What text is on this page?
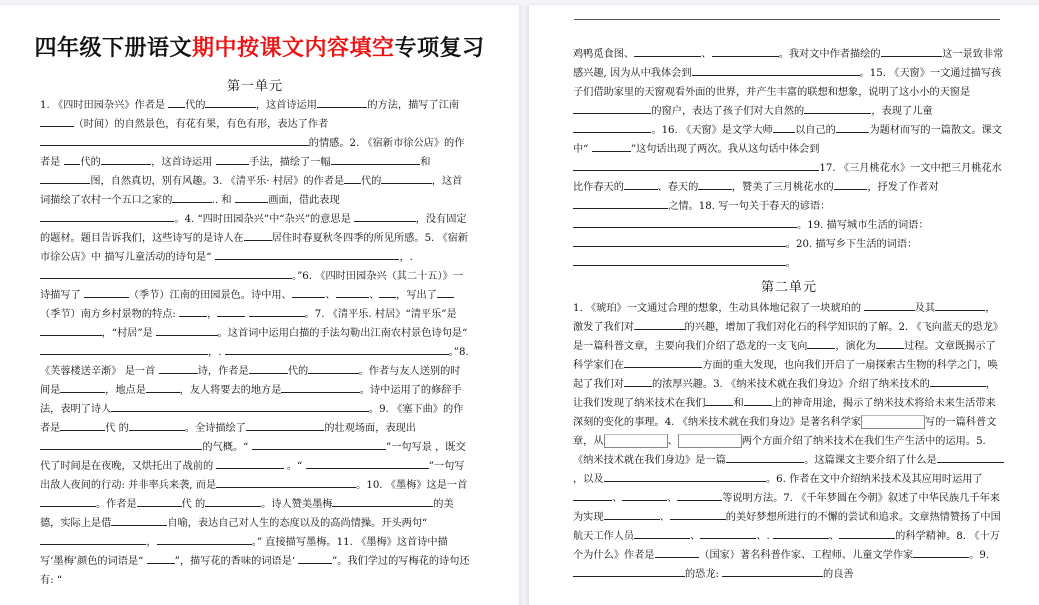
四年级下册语文期中按课文内容填空专项复习

第一单元

1. 《四时田园杂兴》作者是 代的	，这首诗运用	的方法，描写了江南（时间）的自然景色，有花有果，有色有形，表达了作者的情感。2. 《宿新市徐公店》的作者是 代的	，这首诗运用	手法，描绘了一幅	和图，自然真切，别有风趣。3. 《清平乐· 村居》的作者是 代的	，这首词描绘了农村一个五口之家的	.. 和	画面，借此表现。4. “四时田园杂兴”中“杂兴”的意思是	，没有固定的题材。题目告诉我们，这些诗写的是诗人在	居住时春夏秋冬四季的所见所感。5. 《宿新市徐公店》中 描写儿童活动的诗句是“	，. 。”6. 《四时田园杂兴（其二十五）》一诗描写了	（季节）江南的田园景色。诗中用、	、	、 ，写出了（季节）南方乡村景物的特点:	，	。7. 《清平乐. 村居》“清平乐”是 ，“村居”是	。这首词中运用白描的手法勾勒出江南农村景色诗句是“ ，.	。”8. 《芙蓉楼送辛渐》 是一首	诗，作者是	代的	。作者与友人送别的时间是	，地点是	，友人将要去的地方是	。诗中运用了的修辞手法，表明了诗人	。9. 《塞下曲》的作者是	代 的	。全诗描绘了	的壮观场面，表现出的气概。“	”一句写景 ，既交代了时间是在夜晚，又烘托出了战前的	。“	”一句写出敌人夜间的行动: 并非率兵来袭, 而是	。10. 《墨梅》这是一首。作者是	代 的	。诗人赞美墨梅	的美德，实际上是借	自喻，表达自己对人生的态度以及的高尚情操。开头两句“ ，	。” 直接描写墨梅。11. 《墨梅》这首诗中描写‘墨梅’颜色的词语是“	”，描写花的香味的词语是‘	”。我们学过的写梅花的诗句还有: “
鸡鸭觅食图、	、	。我对文中作者描绘的	这一景致非常感兴趣, 因为从中我体会到	。15. 《天窗》一文通过描写孩子们借助家里的天窗观看外面的世界，并产生丰富的联想和想象，说明了这小小的天窗是的窗户，表达了孩子们对大自然的	，表现了儿童。16. 《天窗》是文学大师 以自己的	为题材而写的一篇散文。课文中“	”这句话出现了两次。我从这句话中体会到 17. 《三月桃花水》一文中把三月桃花水比作春天的	、春天的	，赞美了三月桃花水的	，抒发了作者对之情。18. 写一句关于春天的谚语：。19. 描写城市生活的词语：。20. 描写乡下生活的词语：。

第二单元

1. 《琥珀》一文通过合理的想象，生动具体地记叙了一块琥珀的	及其	，激发了我们对	的兴趣，增加了我们对化石的科学知识的了解。2. 《飞向蓝天的恐龙》是一篇科普文章，主要向我们介绍了恐龙的一支飞向	，演化为	过程。文章既揭示了科学家们在	方面的重大发现，也向我们开启了一扇探索古生物的科学之门，唤起了我们对	的浓厚兴趣。3. 《纳米技术就在我们身边》介绍了纳米技术的	，让我们发现了纳米技术在我们	和	上的神奇用途，揭示了纳米技术将给未来生活带来深刻的变化的事理。4. 《纳米技术就在我们身边》是著名科学家	写的一篇科普文章，从	、	两个方面介绍了纳米技术在我们生产生活中的运用。5. 《纳米技术就在我们身边》是一篇	。这篇课文主要介绍了什么是，以及	。6. 作者在文中介绍纳米技术及其应用时运用了、	、	等说明方法。7. 《千年梦圆在今朝》叙述了中华民族几千年来为实现	、	的美好梦想所进行的不懈的尝试和追求。文章热情赞扬了中国航天工作人员	、	、.	、	的科学精神。8. 《十万个为什么》作者是	（国家）著名科普作家、工程师、儿童文学作家	。9. 的恐龙:	的良善
